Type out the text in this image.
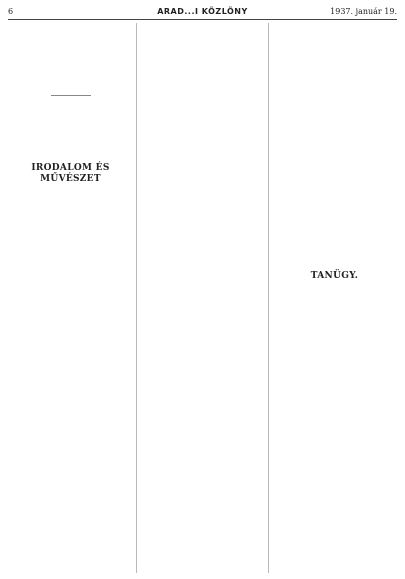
6	ARAD...I KÖZLÖNY	1937. január 19.
IRODALOM ÉS MŰVÉSZET
TANÜGY.
